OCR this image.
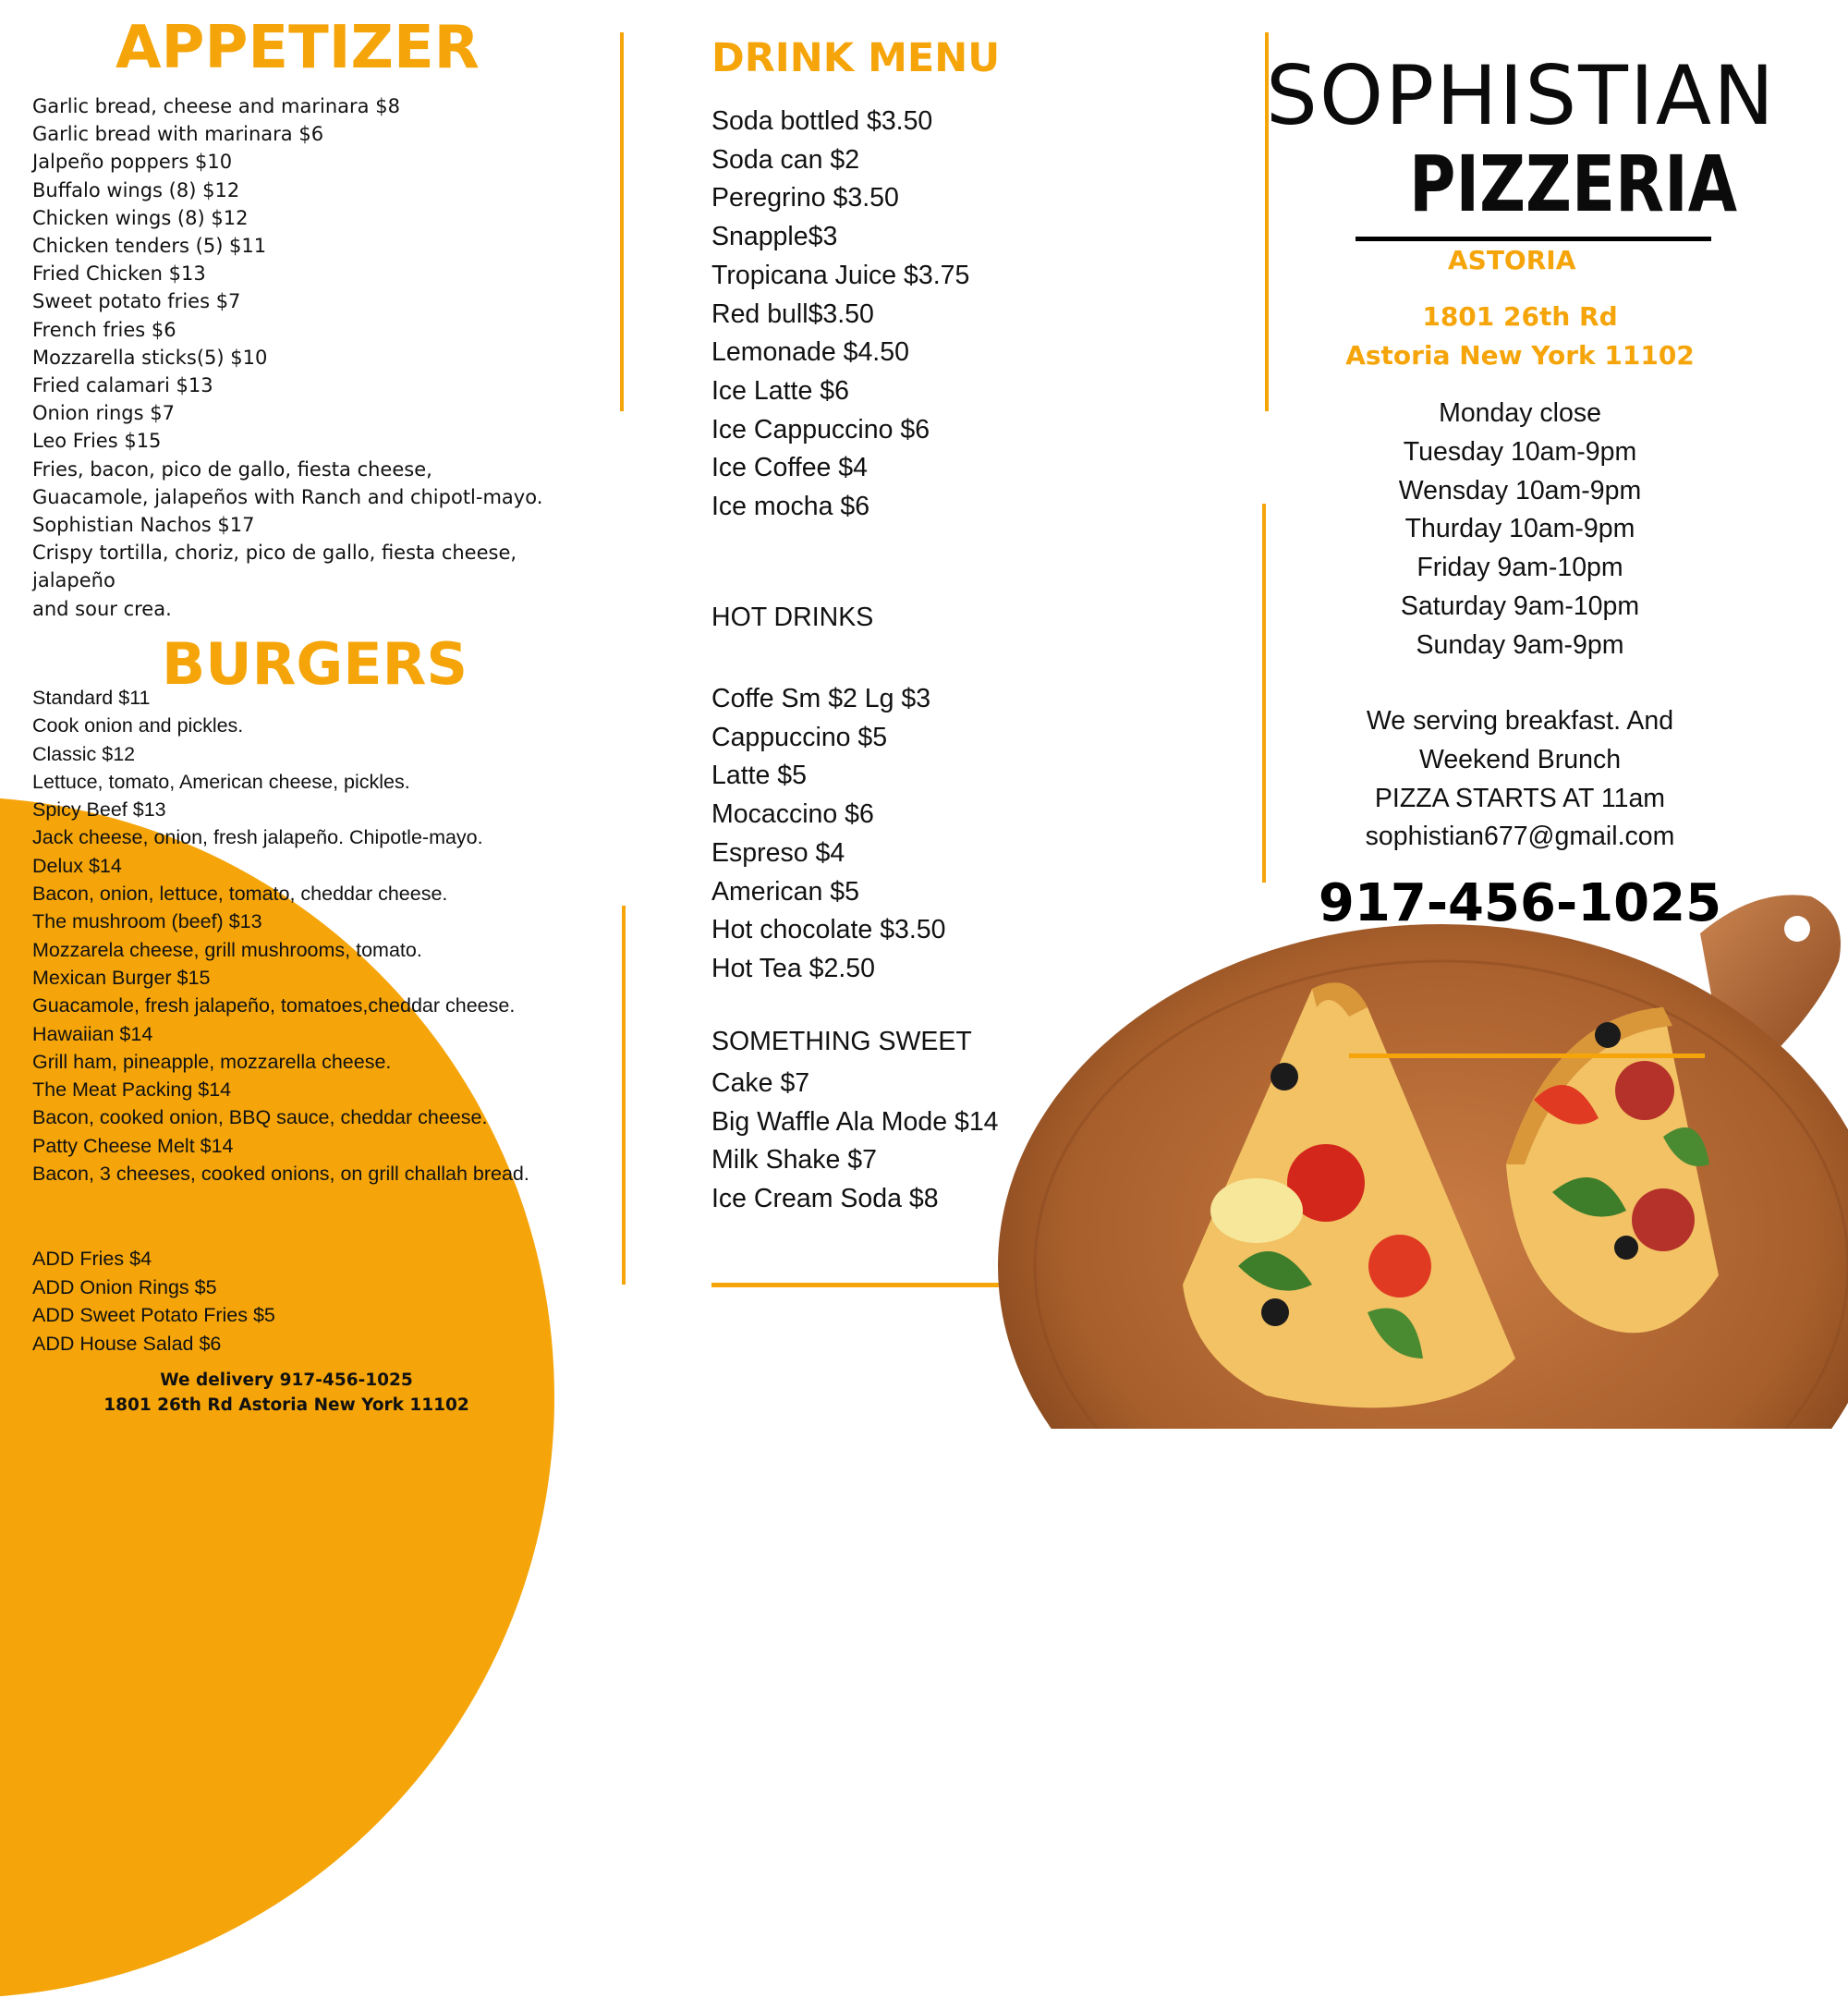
APPETIZER
Garlic bread, cheese and marinara $8
Garlic bread with marinara $6
Jalpeño poppers $10
Buffalo wings (8) $12
Chicken wings (8) $12
Chicken tenders (5) $11
Fried Chicken $13
Sweet potato fries $7
French fries $6
Mozzarella sticks(5) $10
Fried calamari $13
Onion rings $7
Leo Fries $15
Fries, bacon, pico de gallo, fiesta cheese,
Guacamole, jalapeños with Ranch and chipotl-mayo.
Sophistian Nachos $17
Crispy tortilla, choriz, pico de gallo, fiesta cheese,
jalapeño
and sour crea.
BURGERS
Standard $11
Cook onion and pickles.
Classic $12
Lettuce, tomato, American cheese, pickles.
Spicy Beef $13
Jack cheese, onion, fresh jalapeño. Chipotle-mayo.
Delux $14
Bacon, onion, lettuce, tomato, cheddar cheese.
The mushroom (beef) $13
Mozzarela cheese, grill mushrooms, tomato.
Mexican Burger $15
Guacamole, fresh jalapeño, tomatoes,cheddar cheese.
Hawaiian $14
Grill ham, pineapple, mozzarella cheese.
The Meat Packing $14
Bacon, cooked onion, BBQ sauce, cheddar cheese.
Patty Cheese Melt $14
Bacon, 3 cheeses, cooked onions, on grill challah bread.
ADD Fries $4
ADD Onion Rings $5
ADD Sweet Potato Fries $5
ADD House Salad $6
We delivery 917-456-1025
1801 26th Rd Astoria New York 11102
DRINK MENU
Soda bottled $3.50
Soda can $2
Peregrino $3.50
Snapple$3
Tropicana Juice $3.75
Red bull$3.50
Lemonade $4.50
Ice Latte $6
Ice Cappuccino $6
Ice Coffee $4
Ice mocha $6
HOT DRINKS
Coffe Sm $2 Lg $3
Cappuccino $5
Latte $5
Mocaccino $6
Espreso $4
American $5
Hot chocolate $3.50
Hot Tea $2.50
SOMETHING SWEET
Cake $7
Big Waffle Ala Mode $14
Milk Shake $7
Ice Cream Soda $8
SOPHISTIAN
PIZZERIA
ASTORIA
1801 26th Rd
Astoria New York 11102
Monday close
Tuesday 10am-9pm
Wensday 10am-9pm
Thurday 10am-9pm
Friday 9am-10pm
Saturday 9am-10pm
Sunday 9am-9pm
We serving breakfast. And
Weekend Brunch
PIZZA STARTS AT 11am
sophistian677@gmail.com
917-456-1025
